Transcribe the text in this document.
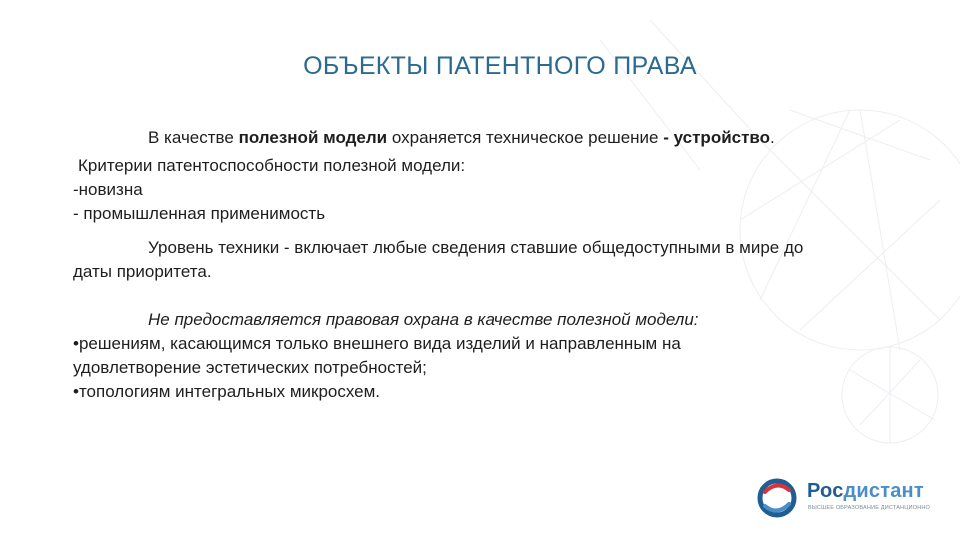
ОБЪЕКТЫ ПАТЕНТНОГО ПРАВА
В качестве полезной модели охраняется техническое решение - устройство.
Критерии патентоспособности полезной модели:
-новизна
- промышленная применимость
Уровень техники - включает любые сведения ставшие общедоступными в мире до
даты приоритета.
Не предоставляется правовая охрана в качестве полезной модели:
•решениям, касающимся только внешнего вида изделий и направленным на
удовлетворение эстетических потребностей;
•топологиям интегральных микросхем.
Росдистант
ВЫСШЕЕ ОБРАЗОВАНИЕ ДИСТАНЦИОННО
